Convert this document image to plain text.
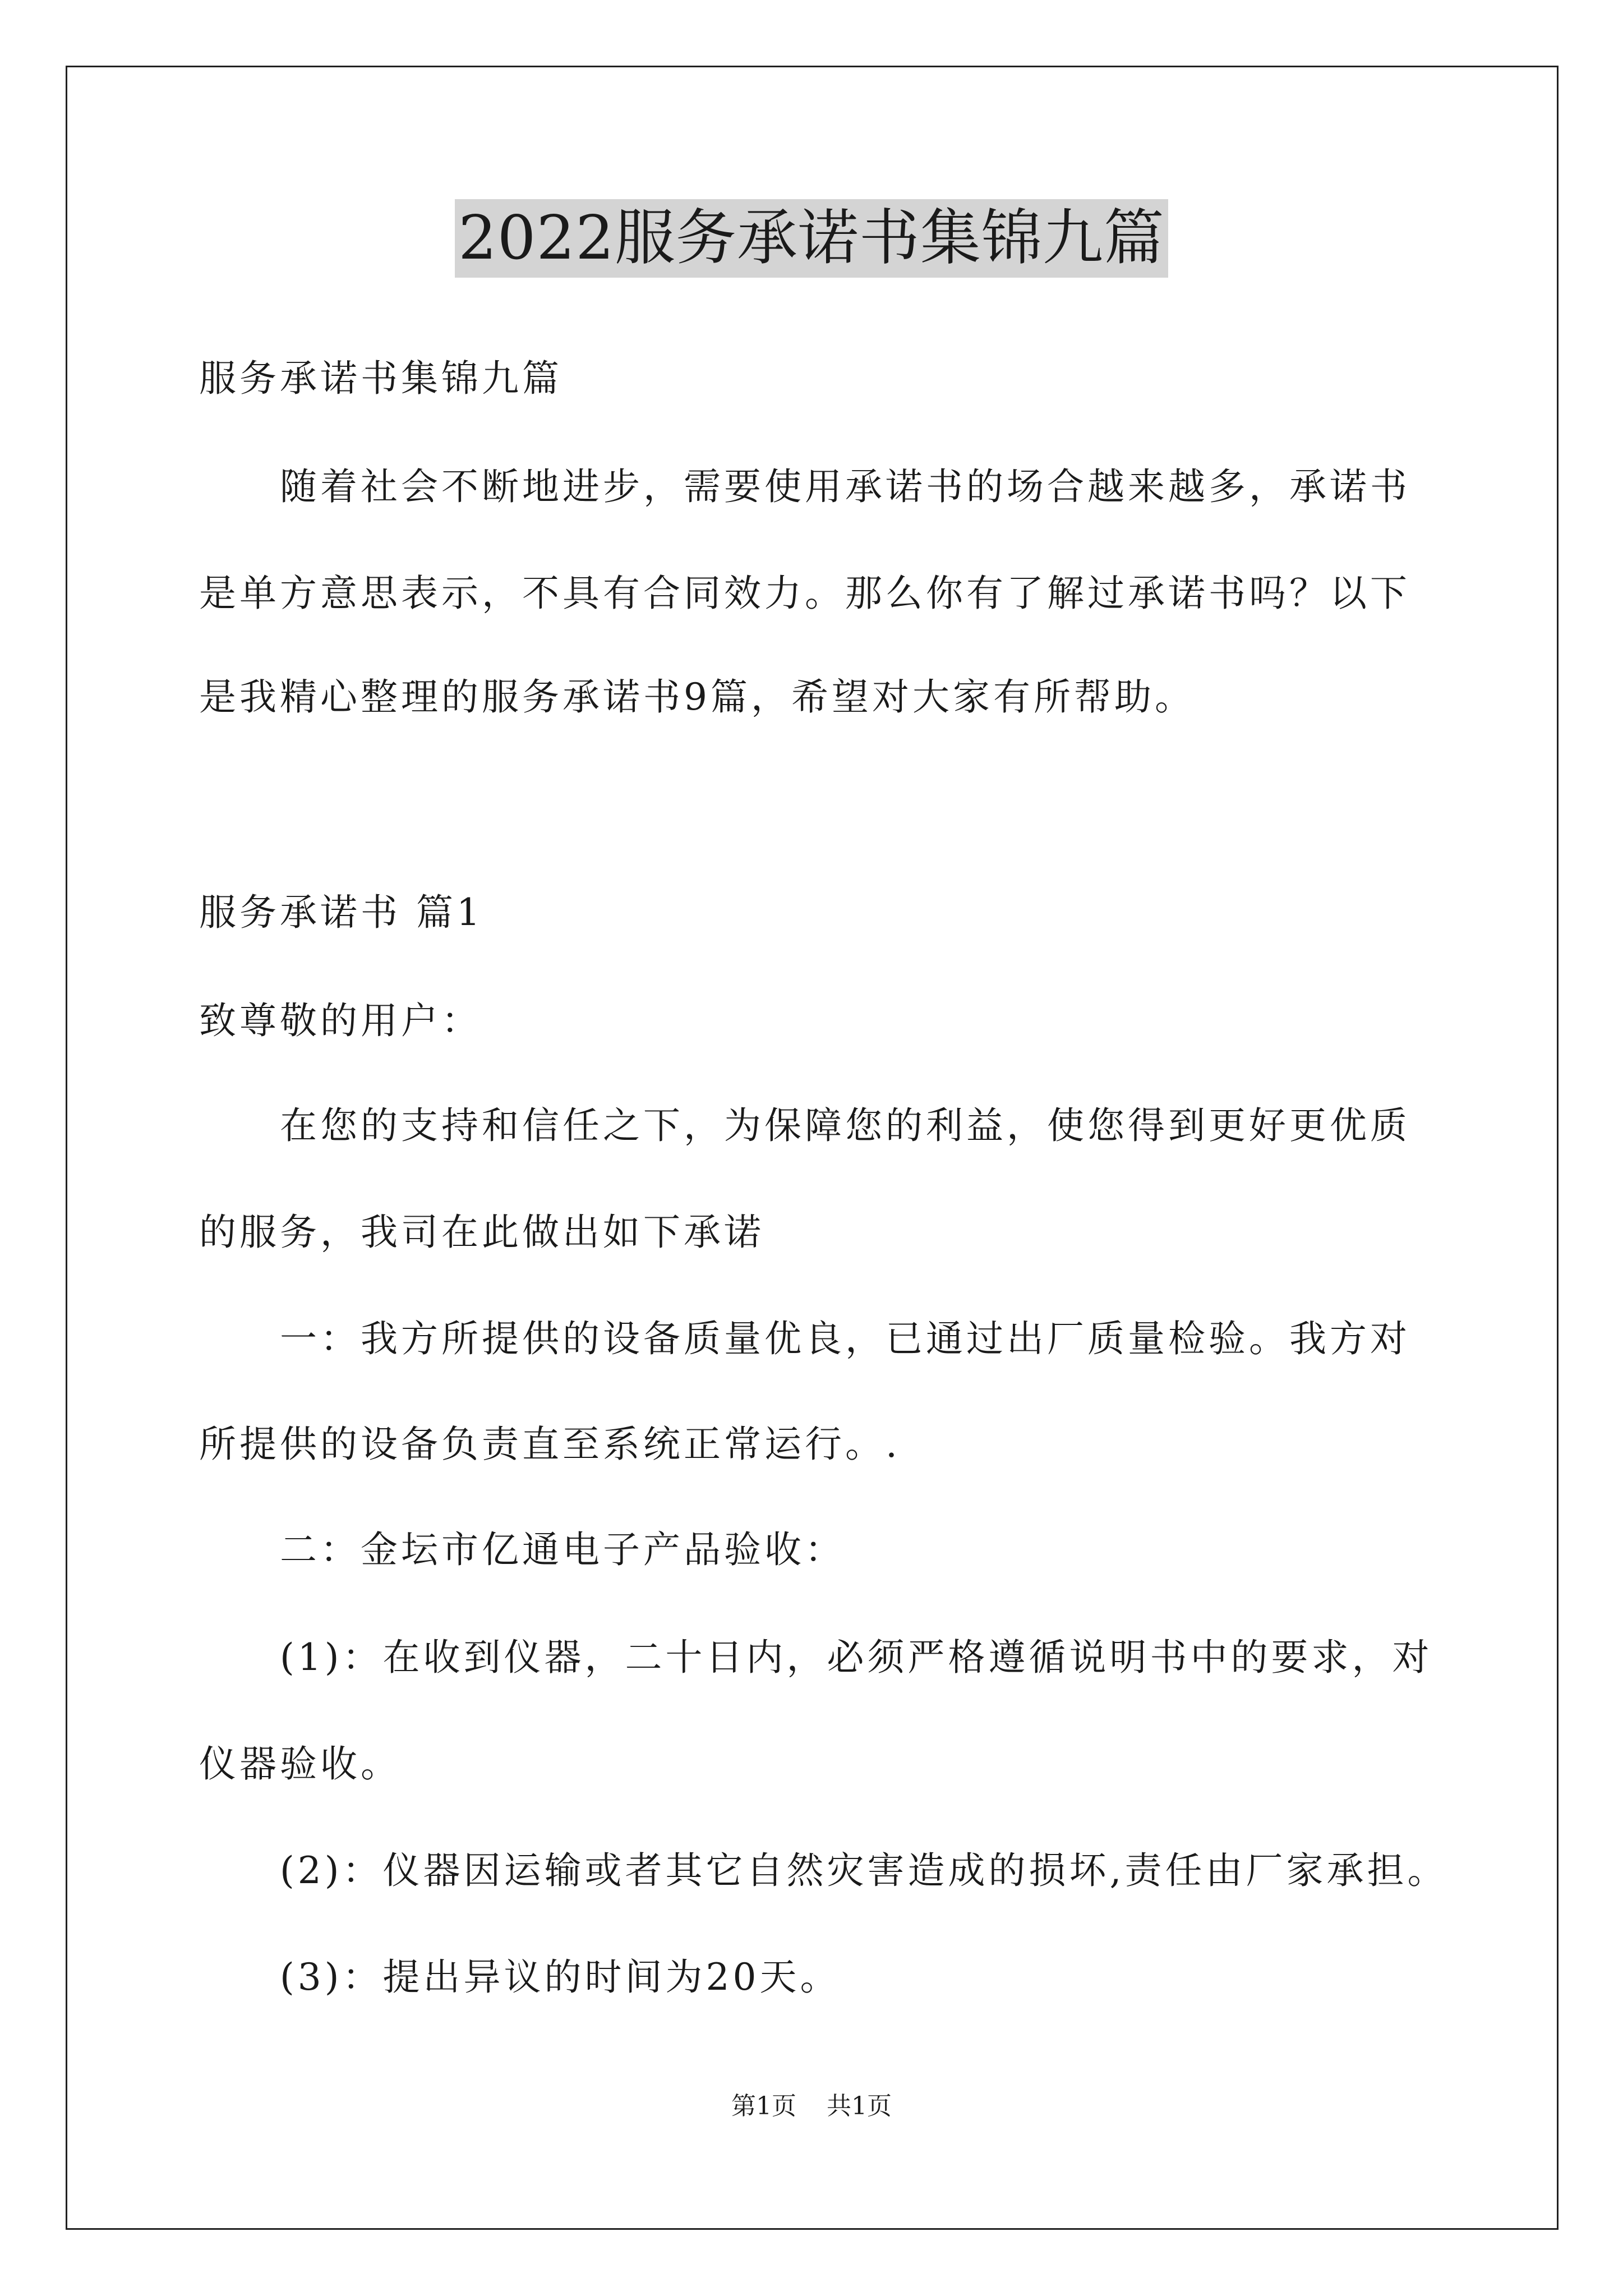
2022服务承诺书集锦九篇
服务承诺书集锦九篇
　　随着社会不断地进步，需要使用承诺书的场合越来越多，承诺书
是单方意思表示，不具有合同效力。那么你有了解过承诺书吗？以下
是我精心整理的服务承诺书9篇，希望对大家有所帮助。
服务承诺书 篇1
致尊敬的用户：
　　在您的支持和信任之下，为保障您的利益，使您得到更好更优质
的服务，我司在此做出如下承诺
　　一：我方所提供的设备质量优良，已通过出厂质量检验。我方对
所提供的设备负责直至系统正常运行。.
　　二：金坛市亿通电子产品验收：
　　(1)：在收到仪器，二十日内，必须严格遵循说明书中的要求，对
仪器验收。
　　(2)：仪器因运输或者其它自然灾害造成的损坏,责任由厂家承担。
　　(3)：提出异议的时间为20天。
第1页 共1页
